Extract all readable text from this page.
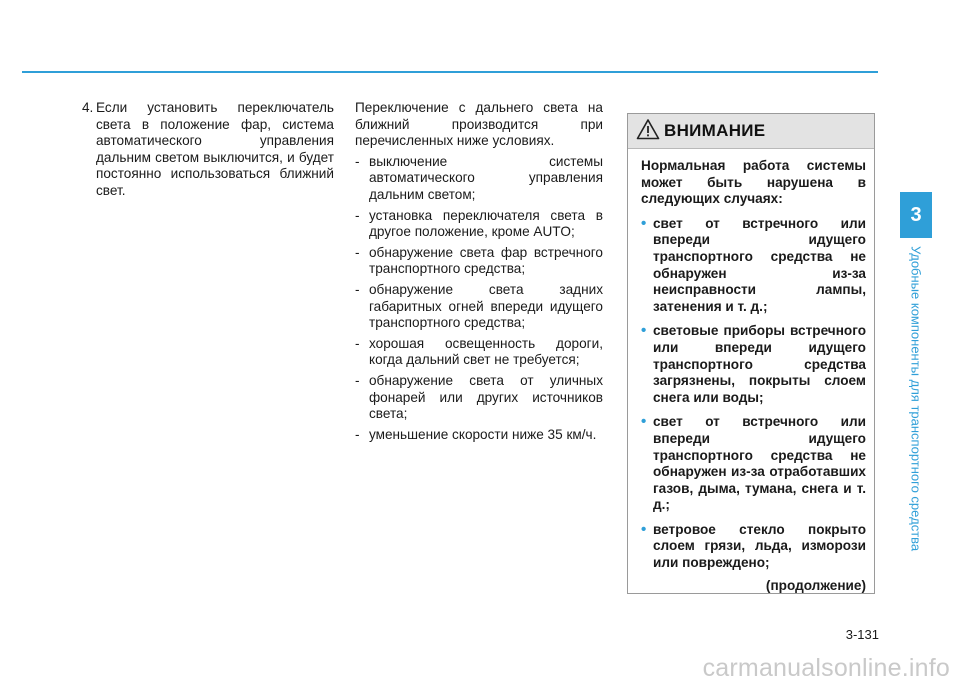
4. Если установить переключатель света в положение фар, система автоматического управления дальним светом выключится, и будет постоянно использоваться ближний свет.

Переключение с дальнего света на ближний производится при перечисленных ниже условиях.

- выключение системы автоматического управления дальним светом;
- установка переключателя света в другое положение, кроме AUTO;
- обнаружение света фар встречного транспортного средства;
- обнаружение света задних габаритных огней впереди идущего транспортного средства;
- хорошая освещенность дороги, когда дальний свет не требуется;
- обнаружение света от уличных фонарей или других источников света;
- уменьшение скорости ниже 35 км/ч.
ВНИМАНИЕ

Нормальная работа системы может быть нарушена в следующих случаях:

• свет от встречного или впереди идущего транспортного средства не обнаружен из-за неисправности лампы, затенения и т. д.;
• световые приборы встречного или впереди идущего транспортного средства загрязнены, покрыты слоем снега или воды;
• свет от встречного или впереди идущего транспортного средства не обнаружен из-за отработавших газов, дыма, тумана, снега и т. д.;
• ветровое стекло покрыто слоем грязи, льда, изморози или повреждено;
(продолжение)
3
Удобные компоненты для транспортного средства
3-131
carmanualsonline.info
